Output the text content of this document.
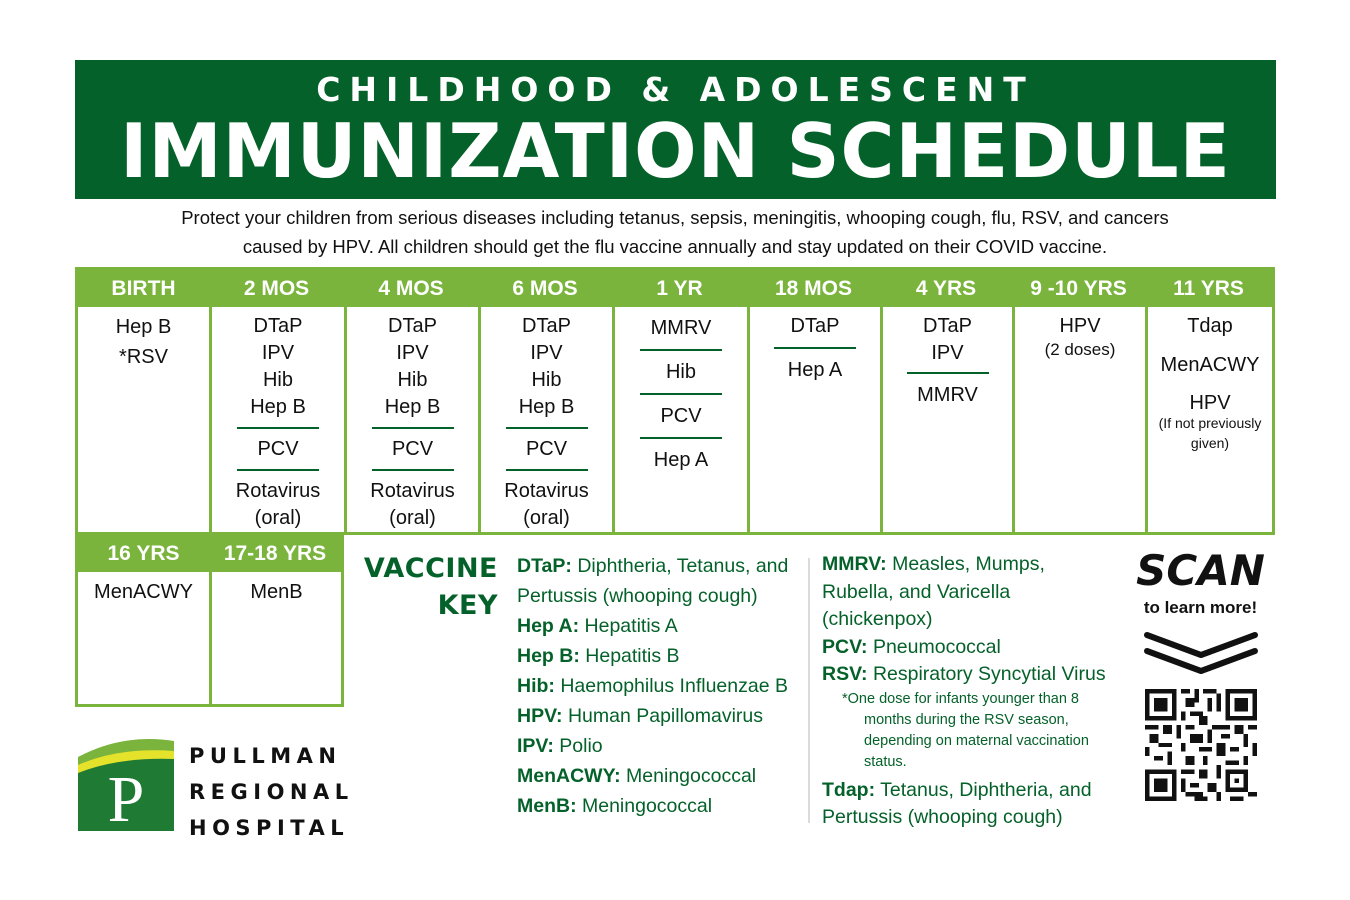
CHILDHOOD & ADOLESCENT
IMMUNIZATION SCHEDULE
Protect your children from serious diseases including tetanus, sepsis, meningitis, whooping cough, flu, RSV, and cancers
caused by HPV. All children should get the flu vaccine annually and stay updated on their COVID vaccine.
BIRTH
Hep B
*RSV
2 MOS
DTaP
IPV
Hib
Hep B
PCV
Rotavirus
(oral)
4 MOS
DTaP
IPV
Hib
Hep B
PCV
Rotavirus
(oral)
6 MOS
DTaP
IPV
Hib
Hep B
PCV
Rotavirus
(oral)
1 YR
MMRV
Hib
PCV
Hep A
18 MOS
DTaP
Hep A
4 YRS
DTaP
IPV
MMRV
9 -10 YRS
HPV
(2 doses)
11 YRS
Tdap
MenACWY
HPV
(If not previously given)
16 YRS
MenACWY
17-18 YRS
MenB
VACCINE
KEY
DTaP: Diphtheria, Tetanus, and Pertussis (whooping cough)
Hep A: Hepatitis A
Hep B: Hepatitis B
Hib: Haemophilus Influenzae B
HPV: Human Papillomavirus
IPV: Polio
MenACWY: Meningococcal
MenB: Meningococcal
MMRV: Measles, Mumps, Rubella, and Varicella (chickenpox)
PCV: Pneumococcal
RSV: Respiratory Syncytial Virus
*One dose for infants younger than 8 months during the RSV season, depending on maternal vaccination status.
Tdap: Tetanus, Diphtheria, and Pertussis (whooping cough)
SCAN
to learn more!
P
PULLMAN
REGIONAL
HOSPITAL
